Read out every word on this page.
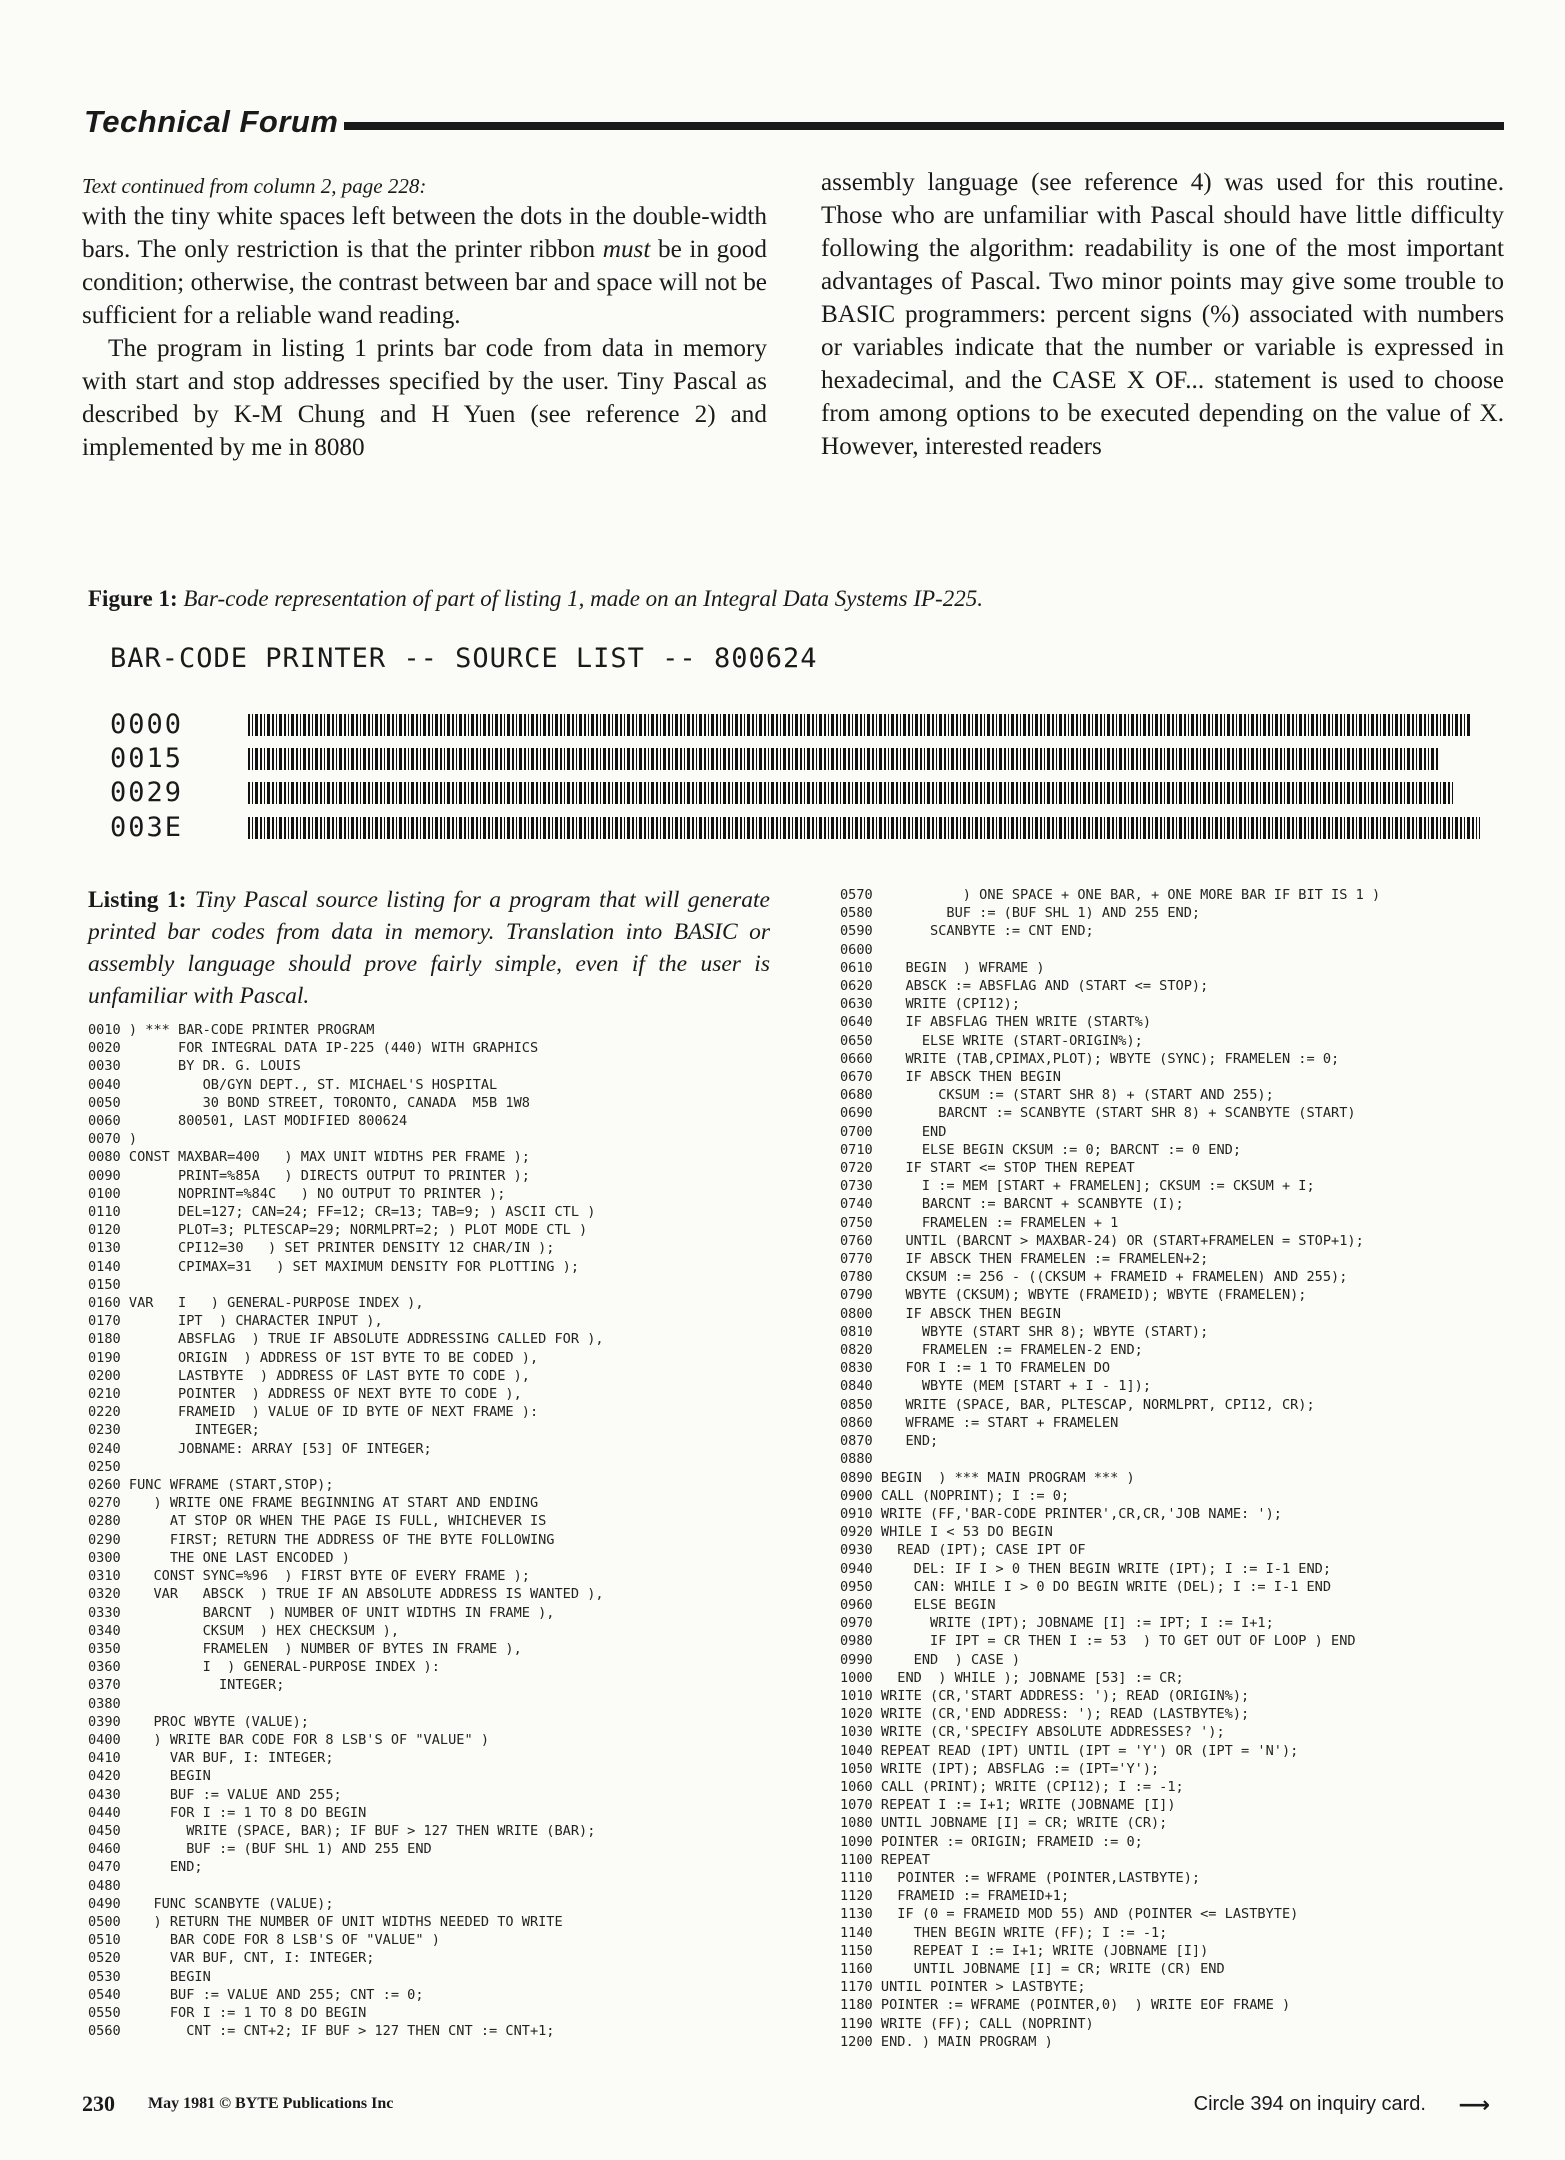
Technical Forum

Text continued from column 2, page 228:

with the tiny white spaces left between the dots in the double-width bars. The only restriction is that the printer ribbon must be in good condition; otherwise, the contrast between bar and space will not be sufficient for a reliable wand reading.

The program in listing 1 prints bar code from data in memory with start and stop addresses specified by the user. Tiny Pascal as described by K-M Chung and H Yuen (see reference 2) and implemented by me in 8080

assembly language (see reference 4) was used for this routine. Those who are unfamiliar with Pascal should have little difficulty following the algorithm: readability is one of the most important advantages of Pascal. Two minor points may give some trouble to BASIC programmers: percent signs (%) associated with numbers or variables indicate that the number or variable is expressed in hexadecimal, and the CASE X OF... statement is used to choose from among options to be executed depending on the value of X. However, interested readers

Figure 1: Bar-code representation of part of listing 1, made on an Integral Data Systems IP-225.
BAR-CODE PRINTER -- SOURCE LIST -- 800624
0000
0015
0029
003E
Listing 1: Tiny Pascal source listing for a program that will generate printed bar codes from data in memory. Translation into BASIC or assembly language should prove fairly simple, even if the user is unfamiliar with Pascal.
0010 ) *** BAR-CODE PRINTER PROGRAM
0020       FOR INTEGRAL DATA IP-225 (440) WITH GRAPHICS
0030       BY DR. G. LOUIS
0040          OB/GYN DEPT., ST. MICHAEL'S HOSPITAL
0050          30 BOND STREET, TORONTO, CANADA  M5B 1W8
0060       800501, LAST MODIFIED 800624
0070 )
0080 CONST MAXBAR=400   ) MAX UNIT WIDTHS PER FRAME );
0090       PRINT=%85A   ) DIRECTS OUTPUT TO PRINTER );
0100       NOPRINT=%84C   ) NO OUTPUT TO PRINTER );
0110       DEL=127; CAN=24; FF=12; CR=13; TAB=9; ) ASCII CTL )
0120       PLOT=3; PLTESCAP=29; NORMLPRT=2; ) PLOT MODE CTL )
0130       CPI12=30   ) SET PRINTER DENSITY 12 CHAR/IN );
0140       CPIMAX=31   ) SET MAXIMUM DENSITY FOR PLOTTING );
0150
0160 VAR   I   ) GENERAL-PURPOSE INDEX ),
0170       IPT  ) CHARACTER INPUT ),
0180       ABSFLAG  ) TRUE IF ABSOLUTE ADDRESSING CALLED FOR ),
0190       ORIGIN  ) ADDRESS OF 1ST BYTE TO BE CODED ),
0200       LASTBYTE  ) ADDRESS OF LAST BYTE TO CODE ),
0210       POINTER  ) ADDRESS OF NEXT BYTE TO CODE ),
0220       FRAMEID  ) VALUE OF ID BYTE OF NEXT FRAME ):
0230         INTEGER;
0240       JOBNAME: ARRAY [53] OF INTEGER;
0250
0260 FUNC WFRAME (START,STOP);
0270    ) WRITE ONE FRAME BEGINNING AT START AND ENDING
0280      AT STOP OR WHEN THE PAGE IS FULL, WHICHEVER IS
0290      FIRST; RETURN THE ADDRESS OF THE BYTE FOLLOWING
0300      THE ONE LAST ENCODED )
0310    CONST SYNC=%96  ) FIRST BYTE OF EVERY FRAME );
0320    VAR   ABSCK  ) TRUE IF AN ABSOLUTE ADDRESS IS WANTED ),
0330          BARCNT  ) NUMBER OF UNIT WIDTHS IN FRAME ),
0340          CKSUM  ) HEX CHECKSUM ),
0350          FRAMELEN  ) NUMBER OF BYTES IN FRAME ),
0360          I  ) GENERAL-PURPOSE INDEX ):
0370            INTEGER;
0380
0390    PROC WBYTE (VALUE);
0400    ) WRITE BAR CODE FOR 8 LSB'S OF "VALUE" )
0410      VAR BUF, I: INTEGER;
0420      BEGIN
0430      BUF := VALUE AND 255;
0440      FOR I := 1 TO 8 DO BEGIN
0450        WRITE (SPACE, BAR); IF BUF > 127 THEN WRITE (BAR);
0460        BUF := (BUF SHL 1) AND 255 END
0470      END;
0480
0490    FUNC SCANBYTE (VALUE);
0500    ) RETURN THE NUMBER OF UNIT WIDTHS NEEDED TO WRITE
0510      BAR CODE FOR 8 LSB'S OF "VALUE" )
0520      VAR BUF, CNT, I: INTEGER;
0530      BEGIN
0540      BUF := VALUE AND 255; CNT := 0;
0550      FOR I := 1 TO 8 DO BEGIN
0560        CNT := CNT+2; IF BUF > 127 THEN CNT := CNT+1;
0570           ) ONE SPACE + ONE BAR, + ONE MORE BAR IF BIT IS 1 )
0580         BUF := (BUF SHL 1) AND 255 END;
0590       SCANBYTE := CNT END;
0600
0610    BEGIN  ) WFRAME )
0620    ABSCK := ABSFLAG AND (START <= STOP);
0630    WRITE (CPI12);
0640    IF ABSFLAG THEN WRITE (START%)
0650      ELSE WRITE (START-ORIGIN%);
0660    WRITE (TAB,CPIMAX,PLOT); WBYTE (SYNC); FRAMELEN := 0;
0670    IF ABSCK THEN BEGIN
0680        CKSUM := (START SHR 8) + (START AND 255);
0690        BARCNT := SCANBYTE (START SHR 8) + SCANBYTE (START)
0700      END
0710      ELSE BEGIN CKSUM := 0; BARCNT := 0 END;
0720    IF START <= STOP THEN REPEAT
0730      I := MEM [START + FRAMELEN]; CKSUM := CKSUM + I;
0740      BARCNT := BARCNT + SCANBYTE (I);
0750      FRAMELEN := FRAMELEN + 1
0760    UNTIL (BARCNT > MAXBAR-24) OR (START+FRAMELEN = STOP+1);
0770    IF ABSCK THEN FRAMELEN := FRAMELEN+2;
0780    CKSUM := 256 - ((CKSUM + FRAMEID + FRAMELEN) AND 255);
0790    WBYTE (CKSUM); WBYTE (FRAMEID); WBYTE (FRAMELEN);
0800    IF ABSCK THEN BEGIN
0810      WBYTE (START SHR 8); WBYTE (START);
0820      FRAMELEN := FRAMELEN-2 END;
0830    FOR I := 1 TO FRAMELEN DO
0840      WBYTE (MEM [START + I - 1]);
0850    WRITE (SPACE, BAR, PLTESCAP, NORMLPRT, CPI12, CR);
0860    WFRAME := START + FRAMELEN
0870    END;
0880
0890 BEGIN  ) *** MAIN PROGRAM *** )
0900 CALL (NOPRINT); I := 0;
0910 WRITE (FF,'BAR-CODE PRINTER',CR,CR,'JOB NAME: ');
0920 WHILE I < 53 DO BEGIN
0930   READ (IPT); CASE IPT OF
0940     DEL: IF I > 0 THEN BEGIN WRITE (IPT); I := I-1 END;
0950     CAN: WHILE I > 0 DO BEGIN WRITE (DEL); I := I-1 END
0960     ELSE BEGIN
0970       WRITE (IPT); JOBNAME [I] := IPT; I := I+1;
0980       IF IPT = CR THEN I := 53  ) TO GET OUT OF LOOP ) END
0990     END  ) CASE )
1000   END  ) WHILE ); JOBNAME [53] := CR;
1010 WRITE (CR,'START ADDRESS: '); READ (ORIGIN%);
1020 WRITE (CR,'END ADDRESS: '); READ (LASTBYTE%);
1030 WRITE (CR,'SPECIFY ABSOLUTE ADDRESSES? ');
1040 REPEAT READ (IPT) UNTIL (IPT = 'Y') OR (IPT = 'N');
1050 WRITE (IPT); ABSFLAG := (IPT='Y');
1060 CALL (PRINT); WRITE (CPI12); I := -1;
1070 REPEAT I := I+1; WRITE (JOBNAME [I])
1080 UNTIL JOBNAME [I] = CR; WRITE (CR);
1090 POINTER := ORIGIN; FRAMEID := 0;
1100 REPEAT
1110   POINTER := WFRAME (POINTER,LASTBYTE);
1120   FRAMEID := FRAMEID+1;
1130   IF (0 = FRAMEID MOD 55) AND (POINTER <= LASTBYTE)
1140     THEN BEGIN WRITE (FF); I := -1;
1150     REPEAT I := I+1; WRITE (JOBNAME [I])
1160     UNTIL JOBNAME [I] = CR; WRITE (CR) END
1170 UNTIL POINTER > LASTBYTE;
1180 POINTER := WFRAME (POINTER,0)  ) WRITE EOF FRAME )
1190 WRITE (FF); CALL (NOPRINT)
1200 END. ) MAIN PROGRAM )
230 May 1981 © BYTE Publications Inc	Circle 394 on inquiry card. ⟶
